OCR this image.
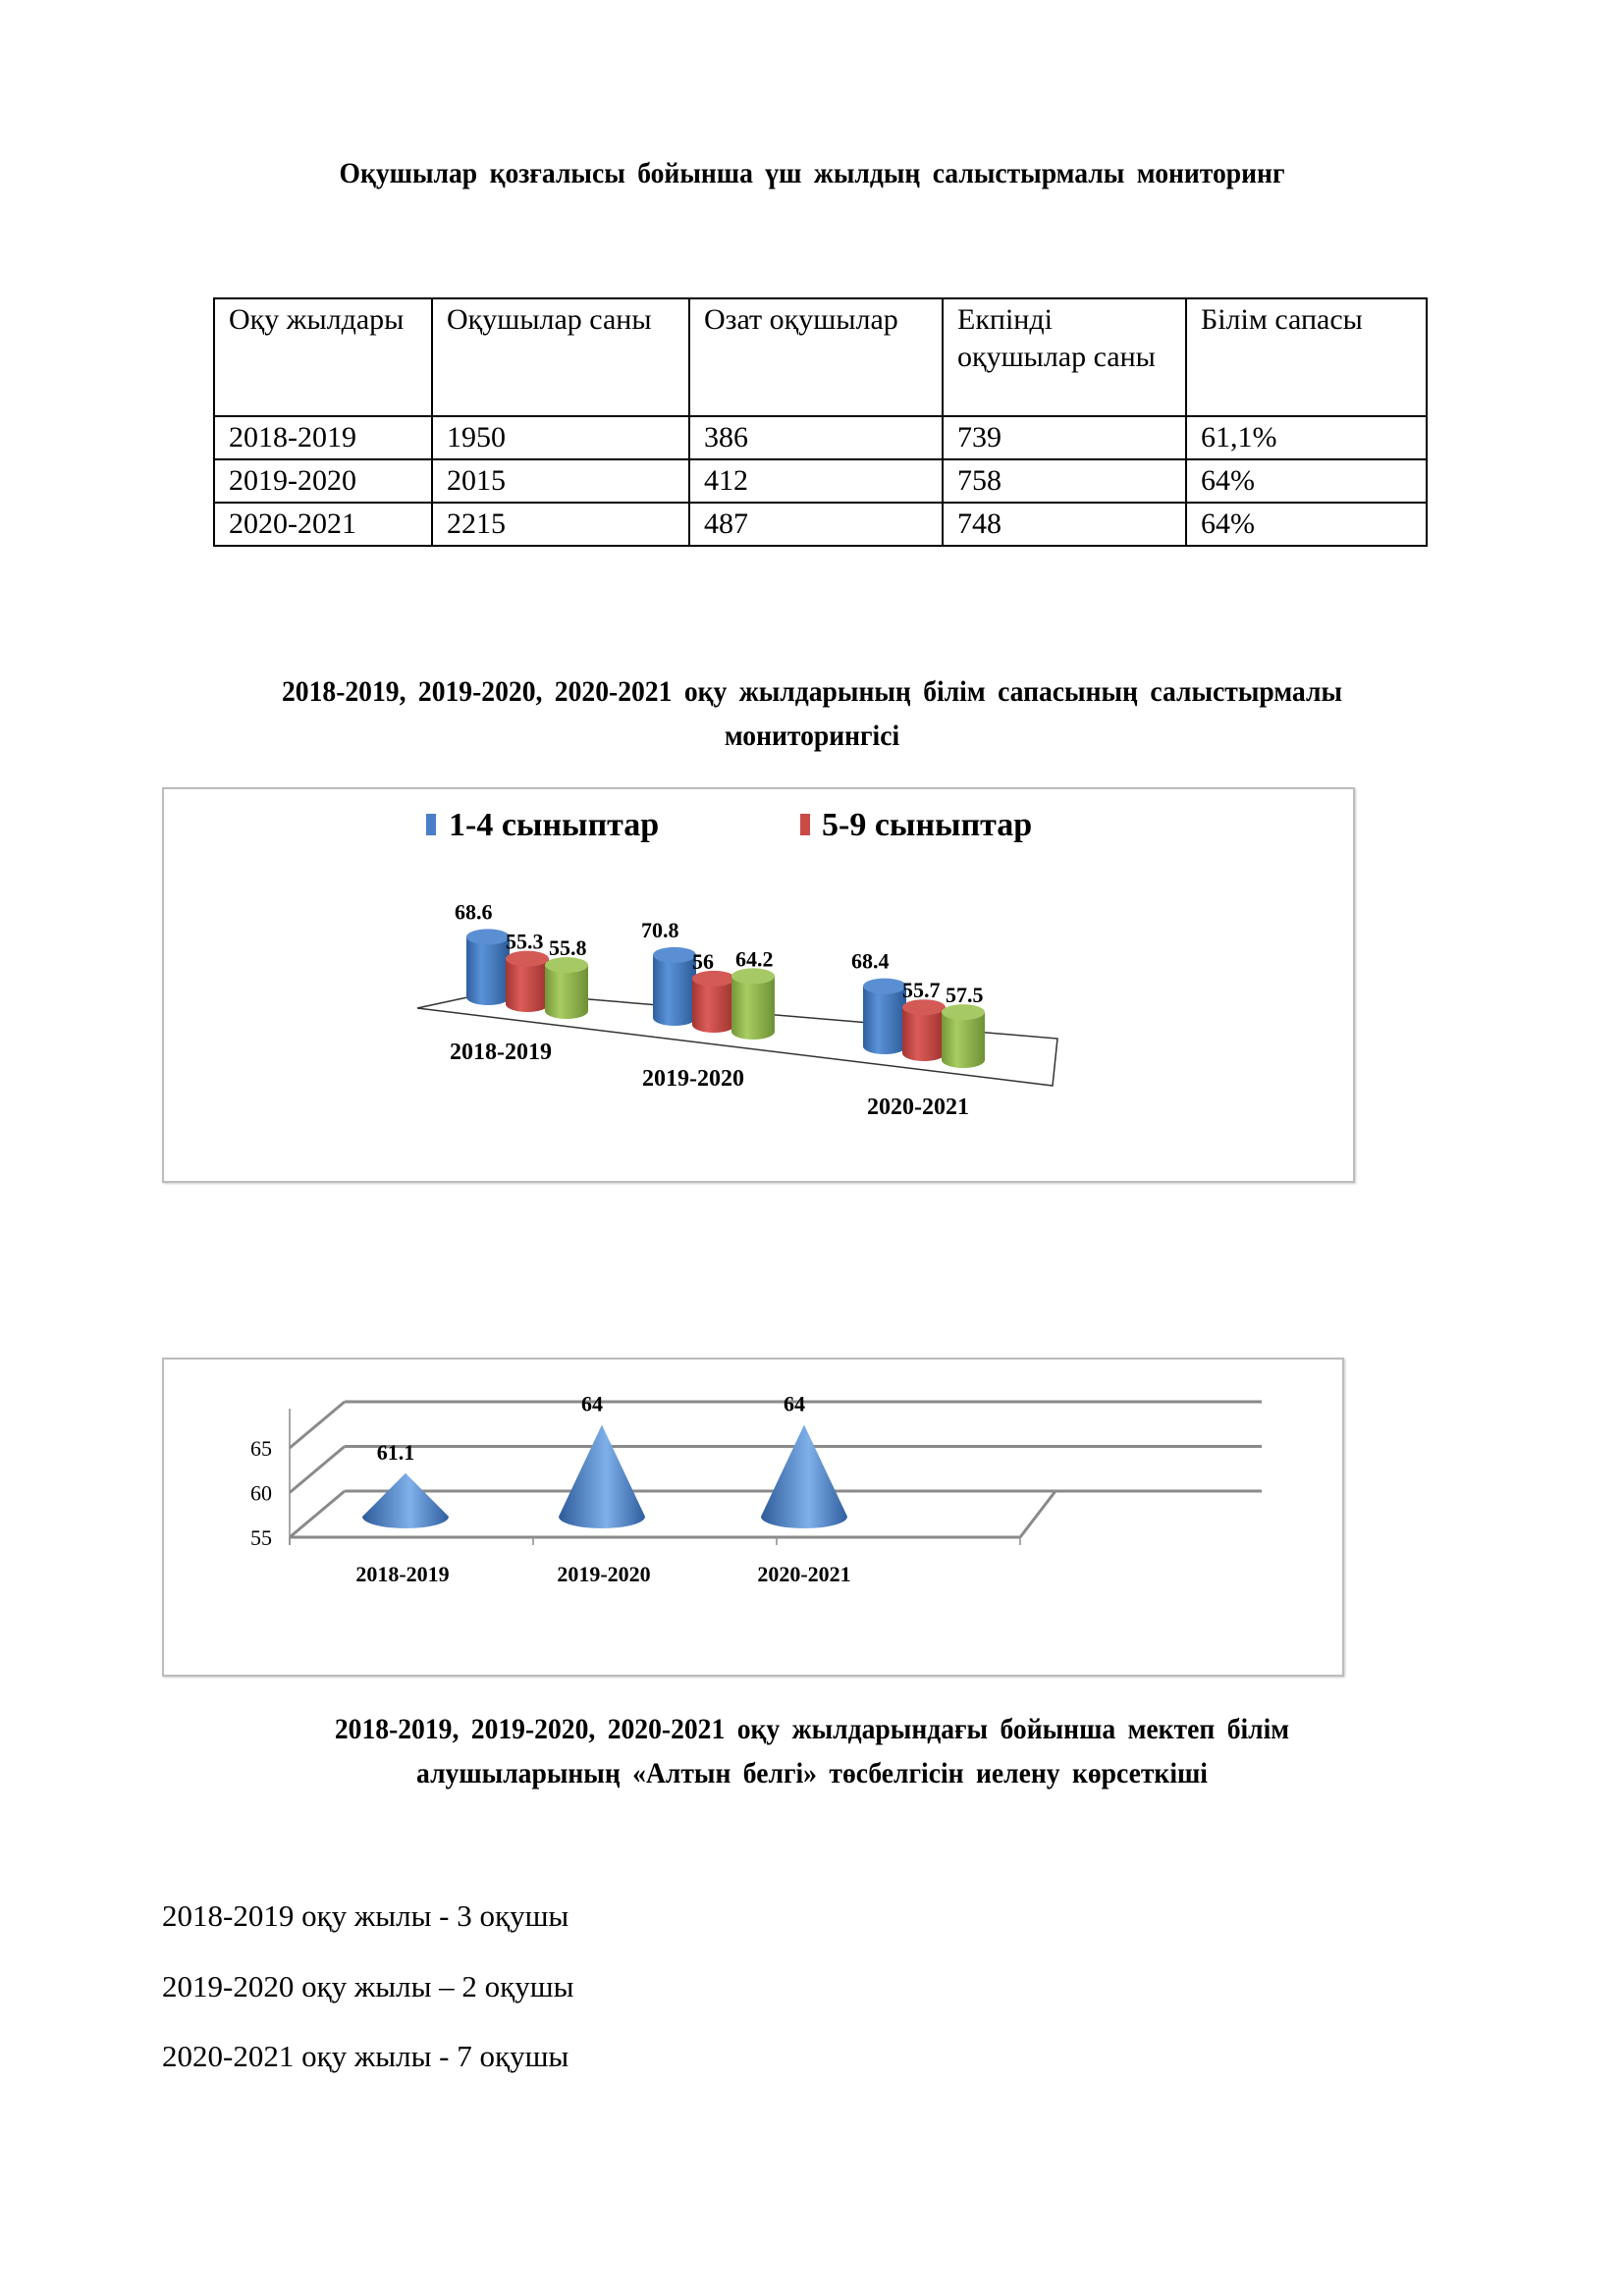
Оқушылар қозғалысы бойынша үш жылдың салыстырмалы мониторинг
Оқу жылдары	Оқушылар саны	Озат оқушылар	Екпінді оқушылар саны	Білім сапасы
2018-2019	1950	386	739	61,1%
2019-2020	2015	412	758	64%
2020-2021	2215	487	748	64%
2018-2019, 2019-2020, 2020-2021 оқу жылдарының білім сапасының салыстырмалы
мониторингісі
1-4 сыныптар	5-9 сыныптар
68.6
55.3 55.8
70.8
56 64.2	68.4
55.7 57.5
2018-2019
2019-2020
2020-2021
55
60
65	61.1
64	64
2018-2019	2019-2020	2020-2021
2018-2019, 2019-2020, 2020-2021 оқу жылдарындағы бойынша мектеп білім
алушыларының «Алтын белгі» төсбелгісін иелену көрсеткіші
2018-2019 оқу жылы - 3 оқушы
2019-2020 оқу жылы – 2 оқушы
2020-2021 оқу жылы - 7 оқушы
